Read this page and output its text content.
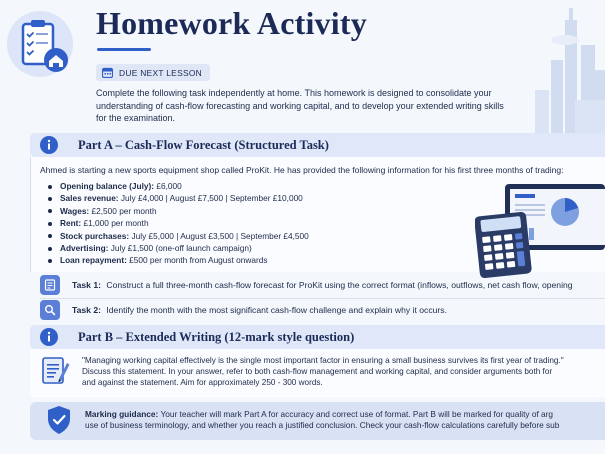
Homework Activity
DUE NEXT LESSON
Complete the following task independently at home. This homework is designed to consolidate your
understanding of cash-flow forecasting and working capital, and to develop your extended writing skills
for the examination.
Part A – Cash-Flow Forecast (Structured Task)
Ahmed is starting a new sports equipment shop called ProKit. He has provided the following information for his first three months of trading:
Opening balance (July): £6,000
Sales revenue: July £4,000 | August £7,500 | September £10,000
Wages: £2,500 per month
Rent: £1,000 per month
Stock purchases: July £5,000 | August £3,500 | September £4,500
Advertising: July £1,500 (one-off launch campaign)
Loan repayment: £500 per month from August onwards
Task 1: Construct a full three-month cash-flow forecast for ProKit using the correct format (inflows, outflows, net cash flow, opening
Task 2: Identify the month with the most significant cash-flow challenge and explain why it occurs.
Part B – Extended Writing (12-mark style question)
"Managing working capital effectively is the single most important factor in ensuring a small business survives its first year of trading."
Discuss this statement. In your answer, refer to both cash-flow management and working capital, and consider arguments both for
and against the statement. Aim for approximately 250 - 300 words.
Marking guidance: Your teacher will mark Part A for accuracy and correct use of format. Part B will be marked for quality of arg
use of business terminology, and whether you reach a justified conclusion. Check your cash-flow calculations carefully before sub
